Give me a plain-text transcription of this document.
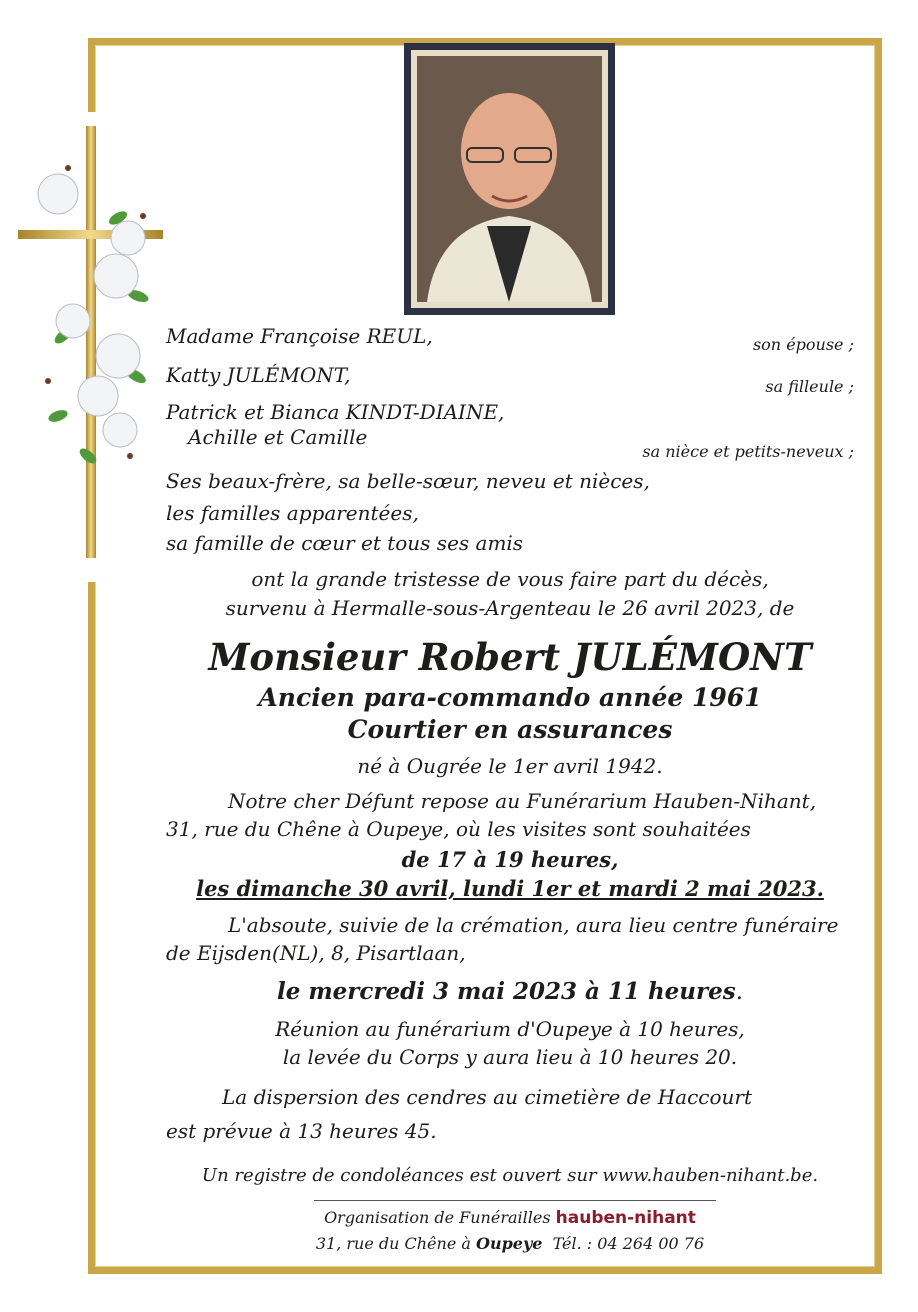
Madame Françoise REUL,	son épouse ;
Katty JULÉMONT,	sa filleule ;
Patrick et Bianca KINDT-DIAINE,
Achille et Camille
sa nièce et petits-neveux ;
Ses beaux-frère, sa belle-sœur, neveu et nièces,
les familles apparentées,
sa famille de cœur et tous ses amis
ont la grande tristesse de vous faire part du décès,
survenu à Hermalle-sous-Argenteau le 26 avril 2023, de
Monsieur Robert JULÉMONT
Ancien para-commando année 1961
Courtier en assurances
né à Ougrée le 1er avril 1942.
Notre cher Défunt repose au Funérarium Hauben-Nihant,
31, rue du Chêne à Oupeye, où les visites sont souhaitées
de 17 à 19 heures,
les dimanche 30 avril, lundi 1er et mardi 2 mai 2023.
L'absoute, suivie de la crémation, aura lieu centre funéraire
de Eijsden(NL), 8, Pisartlaan,
le mercredi 3 mai 2023 à 11 heures.
Réunion au funérarium d'Oupeye à 10 heures,
la levée du Corps y aura lieu à 10 heures 20.
La dispersion des cendres au cimetière de Haccourt
est prévue à 13 heures 45.
Un registre de condoléances est ouvert sur www.hauben-nihant.be.
Organisation de Funérailles hauben-nihant
31, rue du Chêne à Oupeye Tél. : 04 264 00 76
